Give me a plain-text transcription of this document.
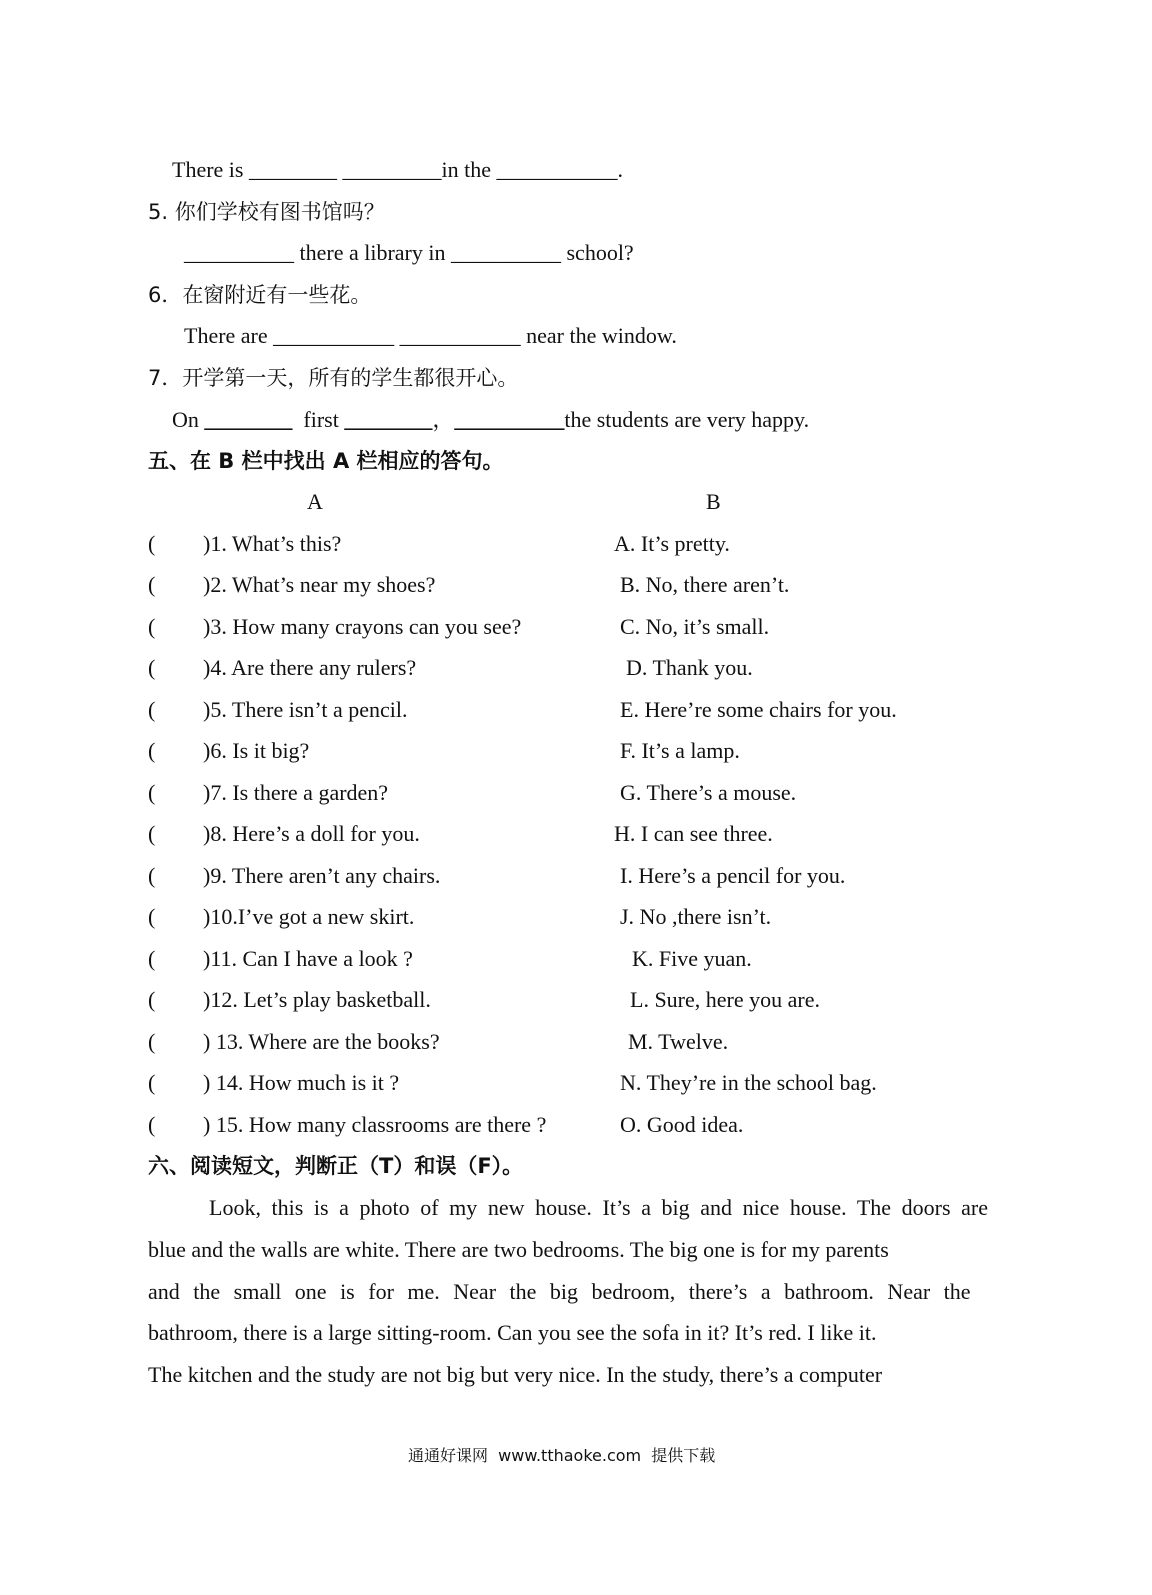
There is ________ _________in the ___________.
5. 你们学校有图书馆吗？
__________ there a library in __________ school?
6．在窗附近有一些花。
There are ___________ ___________ near the window.
7．开学第一天，所有的学生都很开心。
On ________ first ________，__________the students are very happy.
五、在 B 栏中找出 A 栏相应的答句。
A	B
( )1. What’s this?	A. It’s pretty.
( )2. What’s near my shoes?	B. No, there aren’t.
( )3. How many crayons can you see?	C. No, it’s small.
( )4. Are there any rulers?	D. Thank you.
( )5. There isn’t a pencil.	E. Here’re some chairs for you.
( )6. Is it big?	F. It’s a lamp.
( )7. Is there a garden?	G. There’s a mouse.
( )8. Here’s a doll for you.	H. I can see three.
( )9. There aren’t any chairs.	I. Here’s a pencil for you.
( )10.I’ve got a new skirt.	J. No ,there isn’t.
( )11. Can I have a look ?	K. Five yuan.
( )12. Let’s play basketball.	L. Sure, here you are.
( ) 13. Where are the books?	M. Twelve.
( ) 14. How much is it ?	N. They’re in the school bag.
( ) 15. How many classrooms are there ?	O. Good idea.
六、阅读短文，判断正（T）和误（F）。
Look, this is a photo of my new house. It’s a big and nice house. The doors are
blue and the walls are white. There are two bedrooms. The big one is for my parents
and the small one is for me. Near the big bedroom, there’s a bathroom. Near the
bathroom, there is a large sitting-room. Can you see the sofa in it? It’s red. I like it.
The kitchen and the study are not big but very nice. In the study, there’s a computer
通通好课网  www.tthaoke.com  提供下载
